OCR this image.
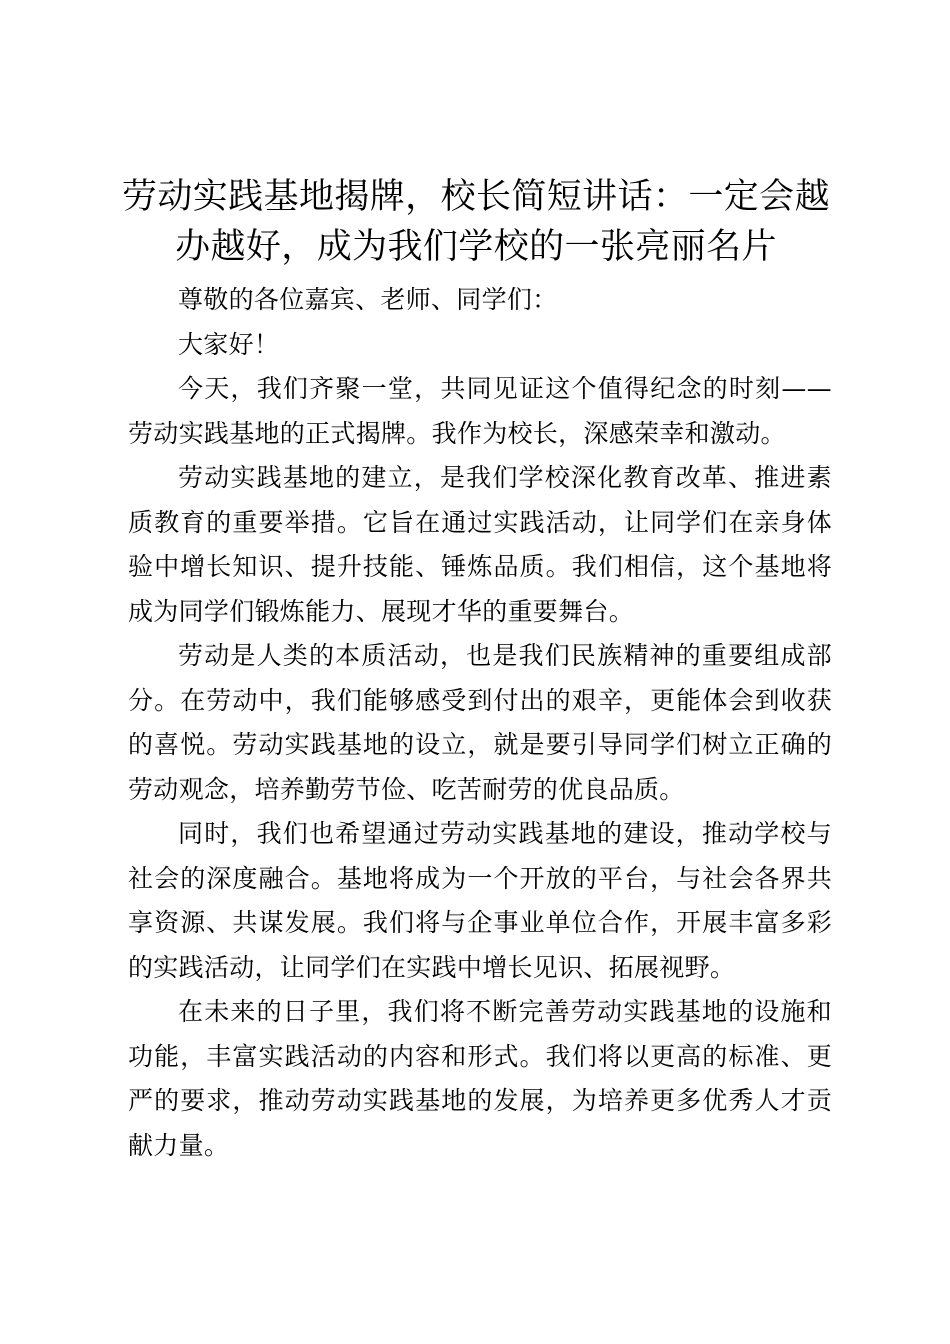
劳动实践基地揭牌，校长简短讲话：一定会越办越好，成为我们学校的一张亮丽名片

尊敬的各位嘉宾、老师、同学们：

大家好！

今天，我们齐聚一堂，共同见证这个值得纪念的时刻——劳动实践基地的正式揭牌。我作为校长，深感荣幸和激动。

劳动实践基地的建立，是我们学校深化教育改革、推进素质教育的重要举措。它旨在通过实践活动，让同学们在亲身体验中增长知识、提升技能、锤炼品质。我们相信，这个基地将成为同学们锻炼能力、展现才华的重要舞台。

劳动是人类的本质活动，也是我们民族精神的重要组成部分。在劳动中，我们能够感受到付出的艰辛，更能体会到收获的喜悦。劳动实践基地的设立，就是要引导同学们树立正确的劳动观念，培养勤劳节俭、吃苦耐劳的优良品质。

同时，我们也希望通过劳动实践基地的建设，推动学校与社会的深度融合。基地将成为一个开放的平台，与社会各界共享资源、共谋发展。我们将与企事业单位合作，开展丰富多彩的实践活动，让同学们在实践中增长见识、拓展视野。

在未来的日子里，我们将不断完善劳动实践基地的设施和功能，丰富实践活动的内容和形式。我们将以更高的标准、更严的要求，推动劳动实践基地的发展，为培养更多优秀人才贡献力量。
